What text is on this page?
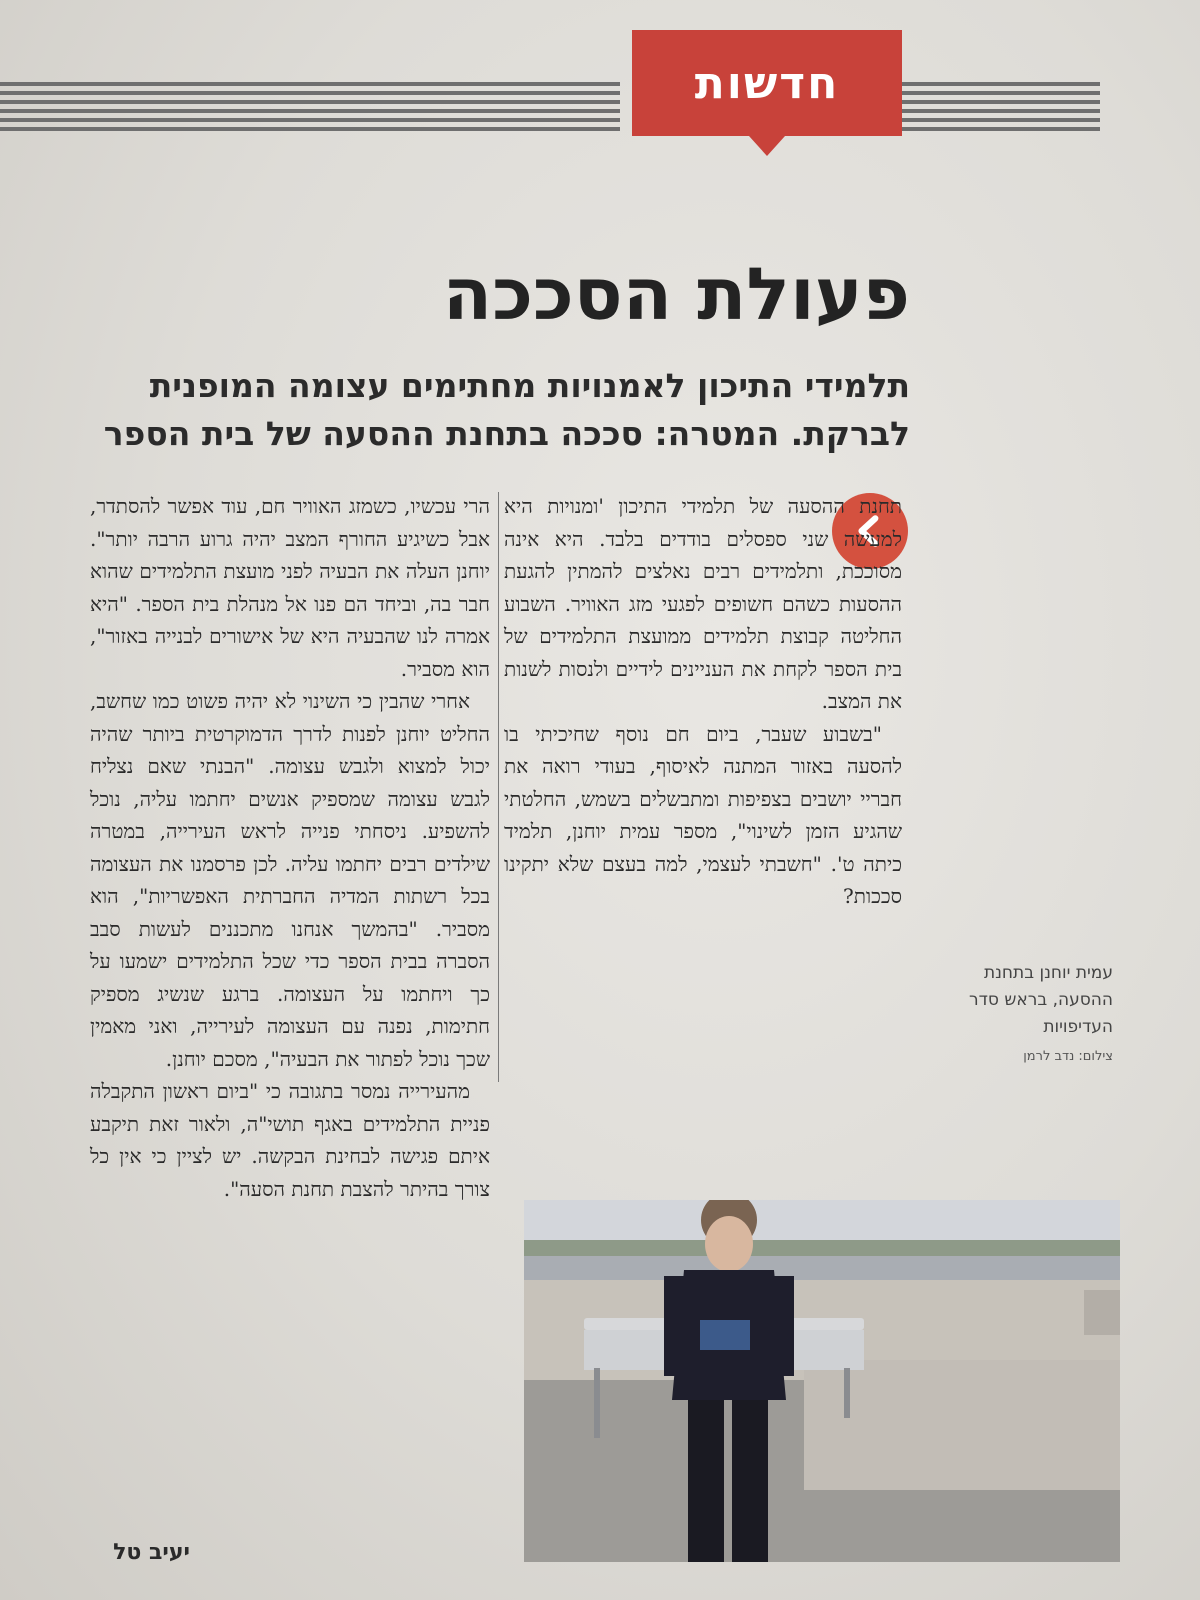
חדשות
פעולת הסככה
תלמידי התיכון לאמנויות מחתימים עצומה המופנית לברקת. המטרה: סככה בתחנת ההסעה של בית הספר

תחנת ההסעה של תלמידי התיכון 'ומנויות היא למעשה שני ספסלים בודדים בלבד. היא אינה מסוככת, ותלמידים רבים נאלצים להמתין להגעת ההסעות כשהם חשופים לפגעי מזג האוויר. השבוע החליטה קבוצת תלמידים ממועצת התלמידים של בית הספר לקחת את העניינים לידיים ולנסות לשנות את המצב.

"בשבוע שעבר, ביום חם נוסף שחיכיתי בו להסעה באזור המתנה לאיסוף, בעודי רואה את חבריי יושבים בצפיפות ומתבשלים בשמש, החלטתי שהגיע הזמן לשינוי", מספר עמית יוחנן, תלמיד כיתה ט'. "חשבתי לעצמי, למה בעצם שלא יתקינו סככות?

הרי עכשיו, כשמזג האוויר חם, עוד אפשר להסתדר, אבל כשיגיע החורף המצב יהיה גרוע הרבה יותר". יוחנן העלה את הבעיה לפני מועצת התלמידים שהוא חבר בה, וביחד הם פנו אל מנהלת בית הספר. "היא אמרה לנו שהבעיה היא של אישורים לבנייה באזור", הוא מסביר.

אחרי שהבין כי השינוי לא יהיה פשוט כמו שחשב, החליט יוחנן לפנות לדרך הדמוקרטית ביותר שהיה יכול למצוא ולגבש עצומה. "הבנתי שאם נצליח לגבש עצומה שמספיק אנשים יחתמו עליה, נוכל להשפיע. ניסחתי פנייה לראש העירייה, במטרה שילדים רבים יחתמו עליה. לכן פרסמנו את העצומה בכל רשתות המדיה החברתית האפשריות", הוא מסביר. "בהמשך אנחנו מתכננים לעשות סבב הסברה בבית הספר כדי שכל התלמידים ישמעו על כך ויחתמו על העצומה. ברגע שנשיג מספיק חתימות, נפנה עם העצומה לעירייה, ואני מאמין שכך נוכל לפתור את הבעיה", מסכם יוחנן.

מהעירייה נמסר בתגובה כי "ביום ראשון התקבלה פניית התלמידים באגף תושי"ה, ולאור זאת תיקבע איתם פגישה לבחינת הבקשה. יש לציין כי אין כל צורך בהיתר להצבת תחנת הסעה".

עמית יוחנן בתחנת ההסעה, בראש סדר העדיפויות
צילום: נדב לרמן
יעיב טל
